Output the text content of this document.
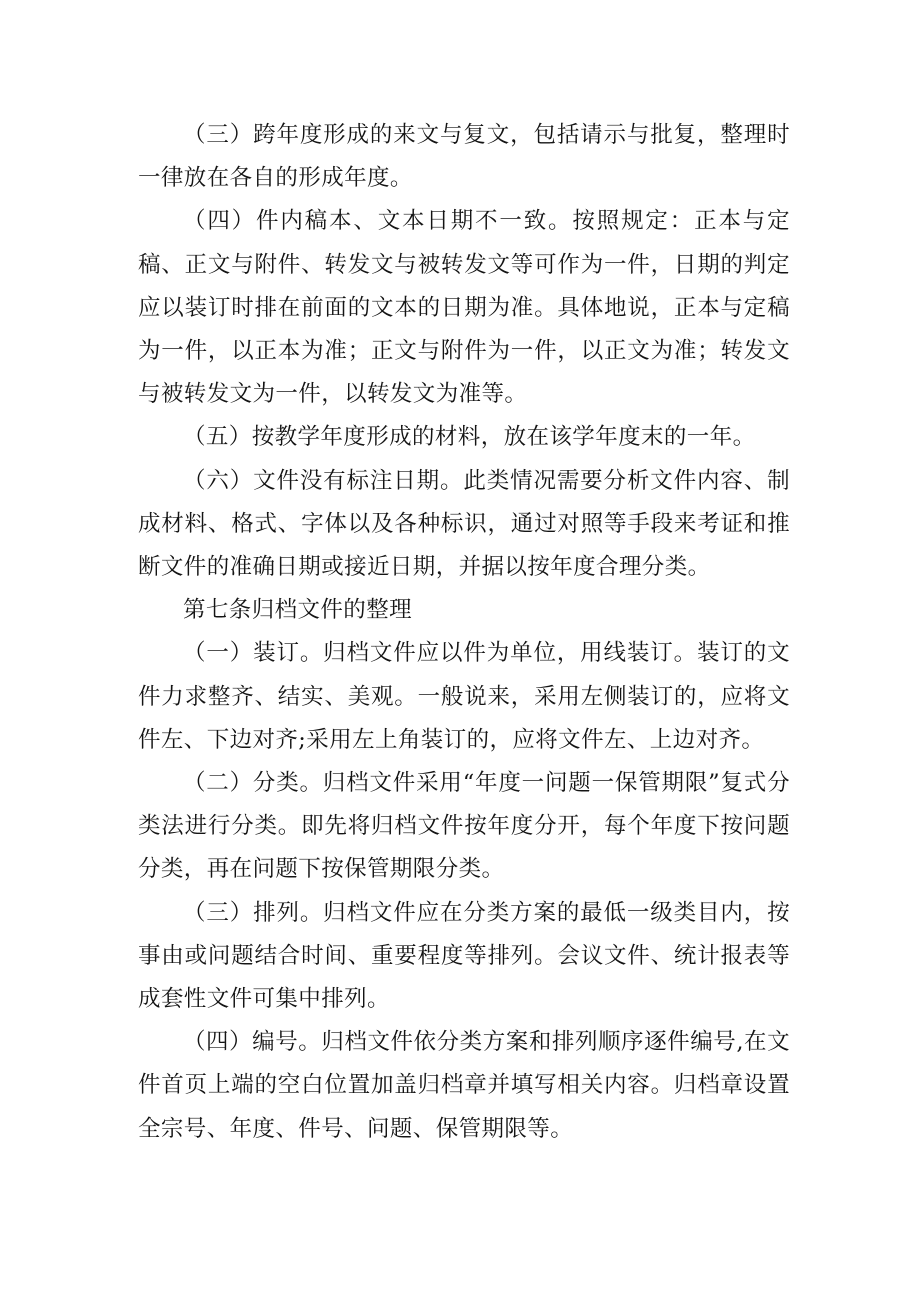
（三）跨年度形成的来文与复文，包括请示与批复，整理时一律放在各自的形成年度。

（四）件内稿本、文本日期不一致。按照规定：正本与定稿、正文与附件、转发文与被转发文等可作为一件，日期的判定应以装订时排在前面的文本的日期为准。具体地说，正本与定稿为一件，以正本为准；正文与附件为一件，以正文为准；转发文与被转发文为一件，以转发文为准等。

（五）按教学年度形成的材料，放在该学年度末的一年。

（六）文件没有标注日期。此类情况需要分析文件内容、制成材料、格式、字体以及各种标识，通过对照等手段来考证和推断文件的准确日期或接近日期，并据以按年度合理分类。

第七条归档文件的整理

（一）装订。归档文件应以件为单位，用线装订。装订的文件力求整齐、结实、美观。一般说来，采用左侧装订的，应将文件左、下边对齐;采用左上角装订的，应将文件左、上边对齐。

（二）分类。归档文件采用“年度一问题一保管期限”复式分类法进行分类。即先将归档文件按年度分开，每个年度下按问题分类，再在问题下按保管期限分类。

（三）排列。归档文件应在分类方案的最低一级类目内，按事由或问题结合时间、重要程度等排列。会议文件、统计报表等成套性文件可集中排列。

（四）编号。归档文件依分类方案和排列顺序逐件编号,在文件首页上端的空白位置加盖归档章并填写相关内容。归档章设置全宗号、年度、件号、问题、保管期限等。
